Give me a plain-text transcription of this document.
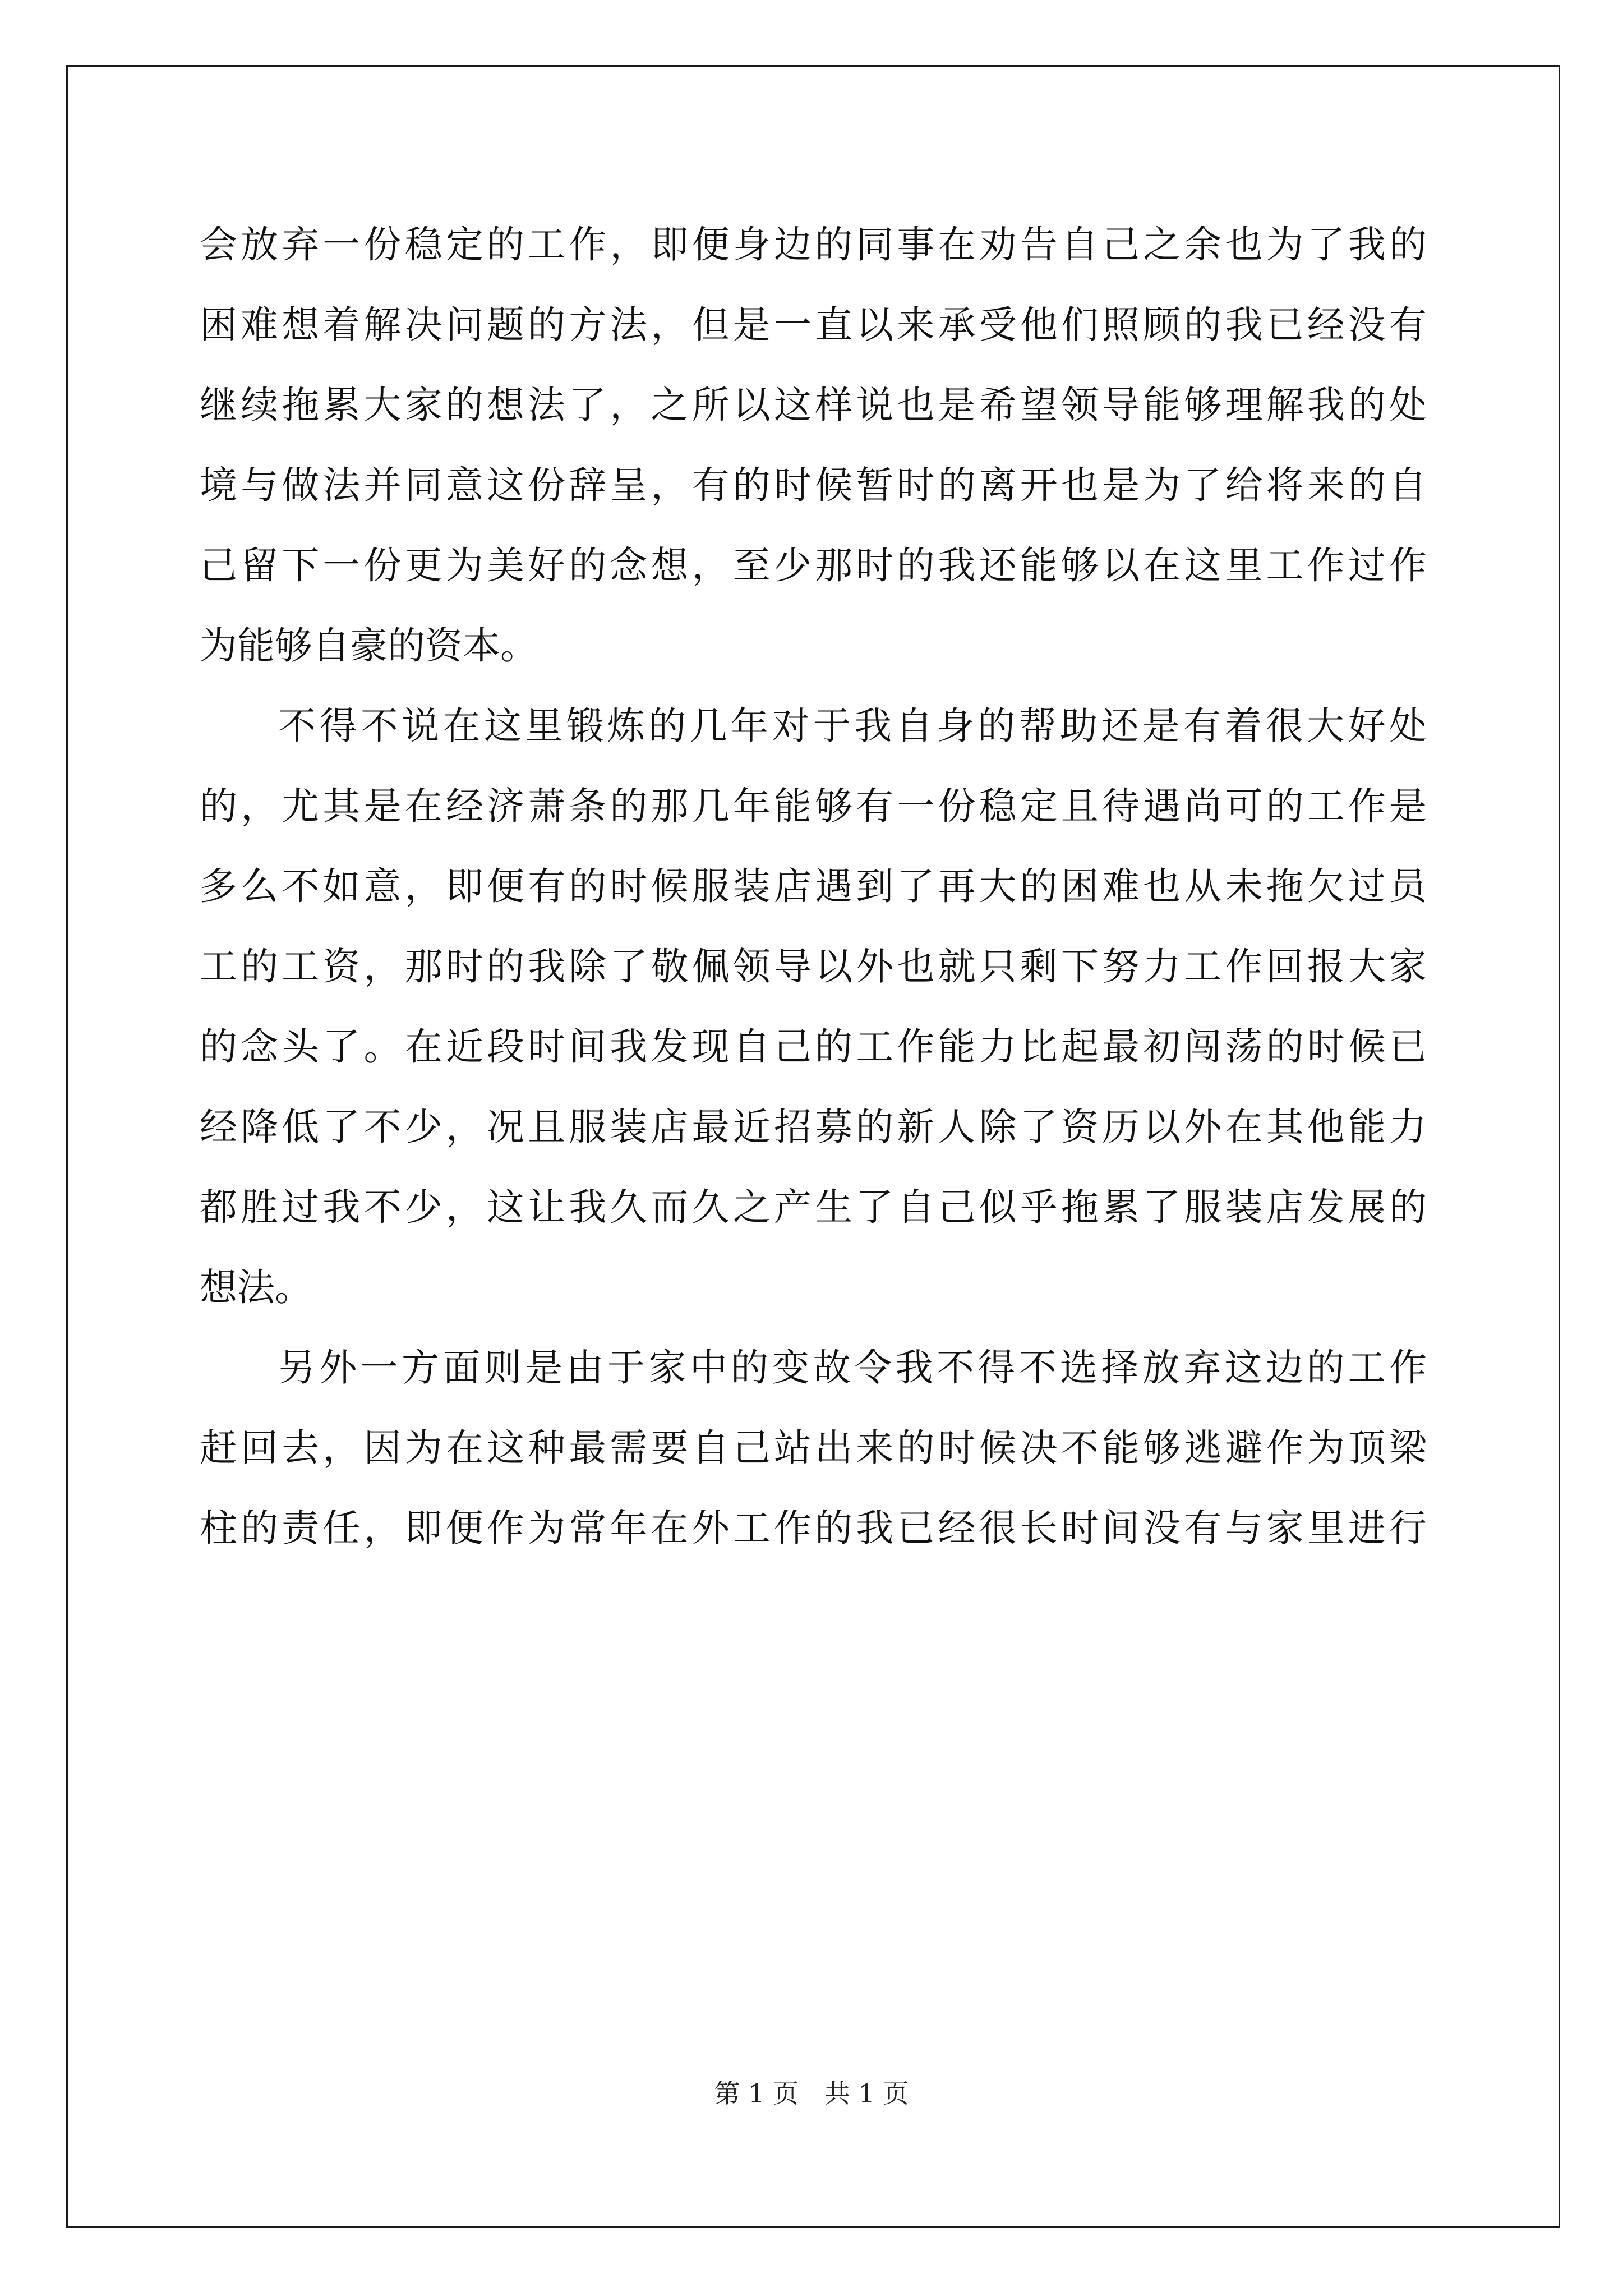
会放弃一份稳定的工作，即便身边的同事在劝告自己之余也为了我的
困难想着解决问题的方法，但是一直以来承受他们照顾的我已经没有
继续拖累大家的想法了，之所以这样说也是希望领导能够理解我的处
境与做法并同意这份辞呈，有的时候暂时的离开也是为了给将来的自
己留下一份更为美好的念想，至少那时的我还能够以在这里工作过作
为能够自豪的资本。
不得不说在这里锻炼的几年对于我自身的帮助还是有着很大好处
的，尤其是在经济萧条的那几年能够有一份稳定且待遇尚可的工作是
多么不如意，即便有的时候服装店遇到了再大的困难也从未拖欠过员
工的工资，那时的我除了敬佩领导以外也就只剩下努力工作回报大家
的念头了。在近段时间我发现自己的工作能力比起最初闯荡的时候已
经降低了不少，况且服装店最近招募的新人除了资历以外在其他能力
都胜过我不少，这让我久而久之产生了自己似乎拖累了服装店发展的
想法。
另外一方面则是由于家中的变故令我不得不选择放弃这边的工作
赶回去，因为在这种最需要自己站出来的时候决不能够逃避作为顶梁
柱的责任，即便作为常年在外工作的我已经很长时间没有与家里进行
第 1 页　共 1 页
